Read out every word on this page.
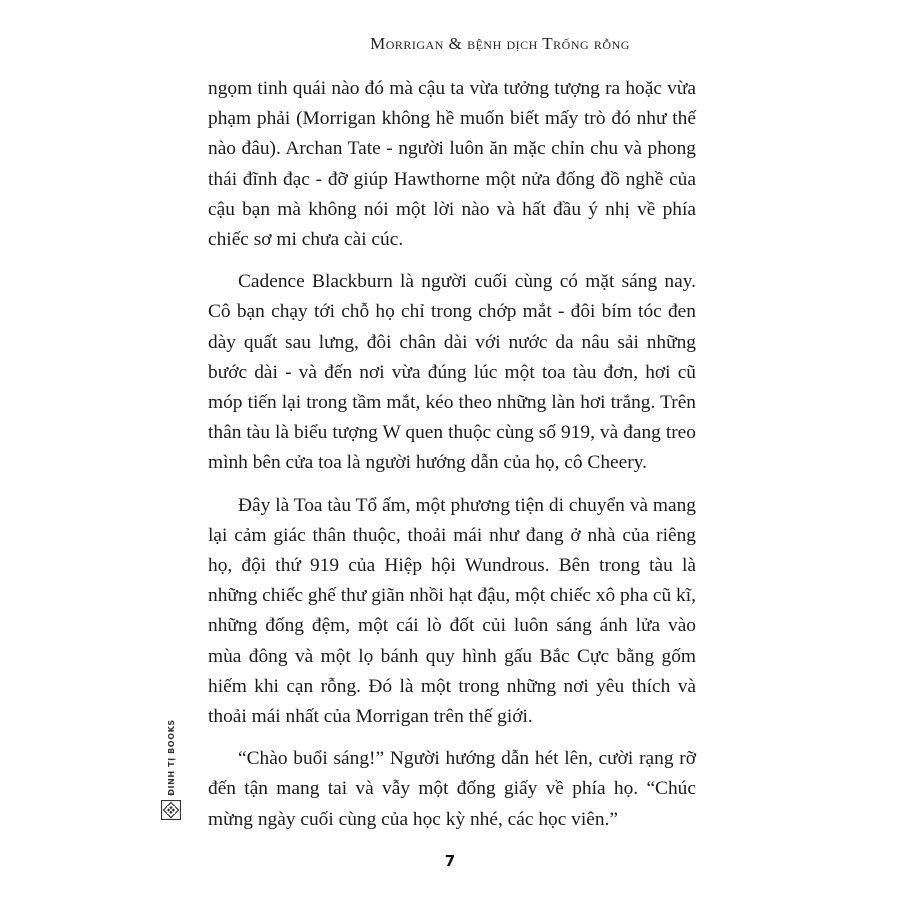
Morrigan & bệnh dịch Trống rỗng

ngọm tinh quái nào đó mà cậu ta vừa tưởng tượng ra hoặc vừa phạm phải (Morrigan không hề muốn biết mấy trò đó như thế nào đâu). Archan Tate - người luôn ăn mặc chỉn chu và phong thái đĩnh đạc - đỡ giúp Hawthorne một nửa đống đồ nghề của cậu bạn mà không nói một lời nào và hất đầu ý nhị về phía chiếc sơ mi chưa cài cúc.

Cadence Blackburn là người cuối cùng có mặt sáng nay. Cô bạn chạy tới chỗ họ chỉ trong chớp mắt - đôi bím tóc đen dày quất sau lưng, đôi chân dài với nước da nâu sải những bước dài - và đến nơi vừa đúng lúc một toa tàu đơn, hơi cũ móp tiến lại trong tầm mắt, kéo theo những làn hơi trắng. Trên thân tàu là biểu tượng W quen thuộc cùng số 919, và đang treo mình bên cửa toa là người hướng dẫn của họ, cô Cheery.

Đây là Toa tàu Tổ ấm, một phương tiện di chuyển và mang lại cảm giác thân thuộc, thoải mái như đang ở nhà của riêng họ, đội thứ 919 của Hiệp hội Wundrous. Bên trong tàu là những chiếc ghế thư giãn nhồi hạt đậu, một chiếc xô pha cũ kĩ, những đống đệm, một cái lò đốt củi luôn sáng ánh lửa vào mùa đông và một lọ bánh quy hình gấu Bắc Cực bằng gốm hiếm khi cạn rỗng. Đó là một trong những nơi yêu thích và thoải mái nhất của Morrigan trên thế giới.

“Chào buổi sáng!” Người hướng dẫn hét lên, cười rạng rỡ đến tận mang tai và vẫy một đống giấy về phía họ. “Chúc mừng ngày cuối cùng của học kỳ nhé, các học viên.”

ĐINH TỊ BOOKS
7
